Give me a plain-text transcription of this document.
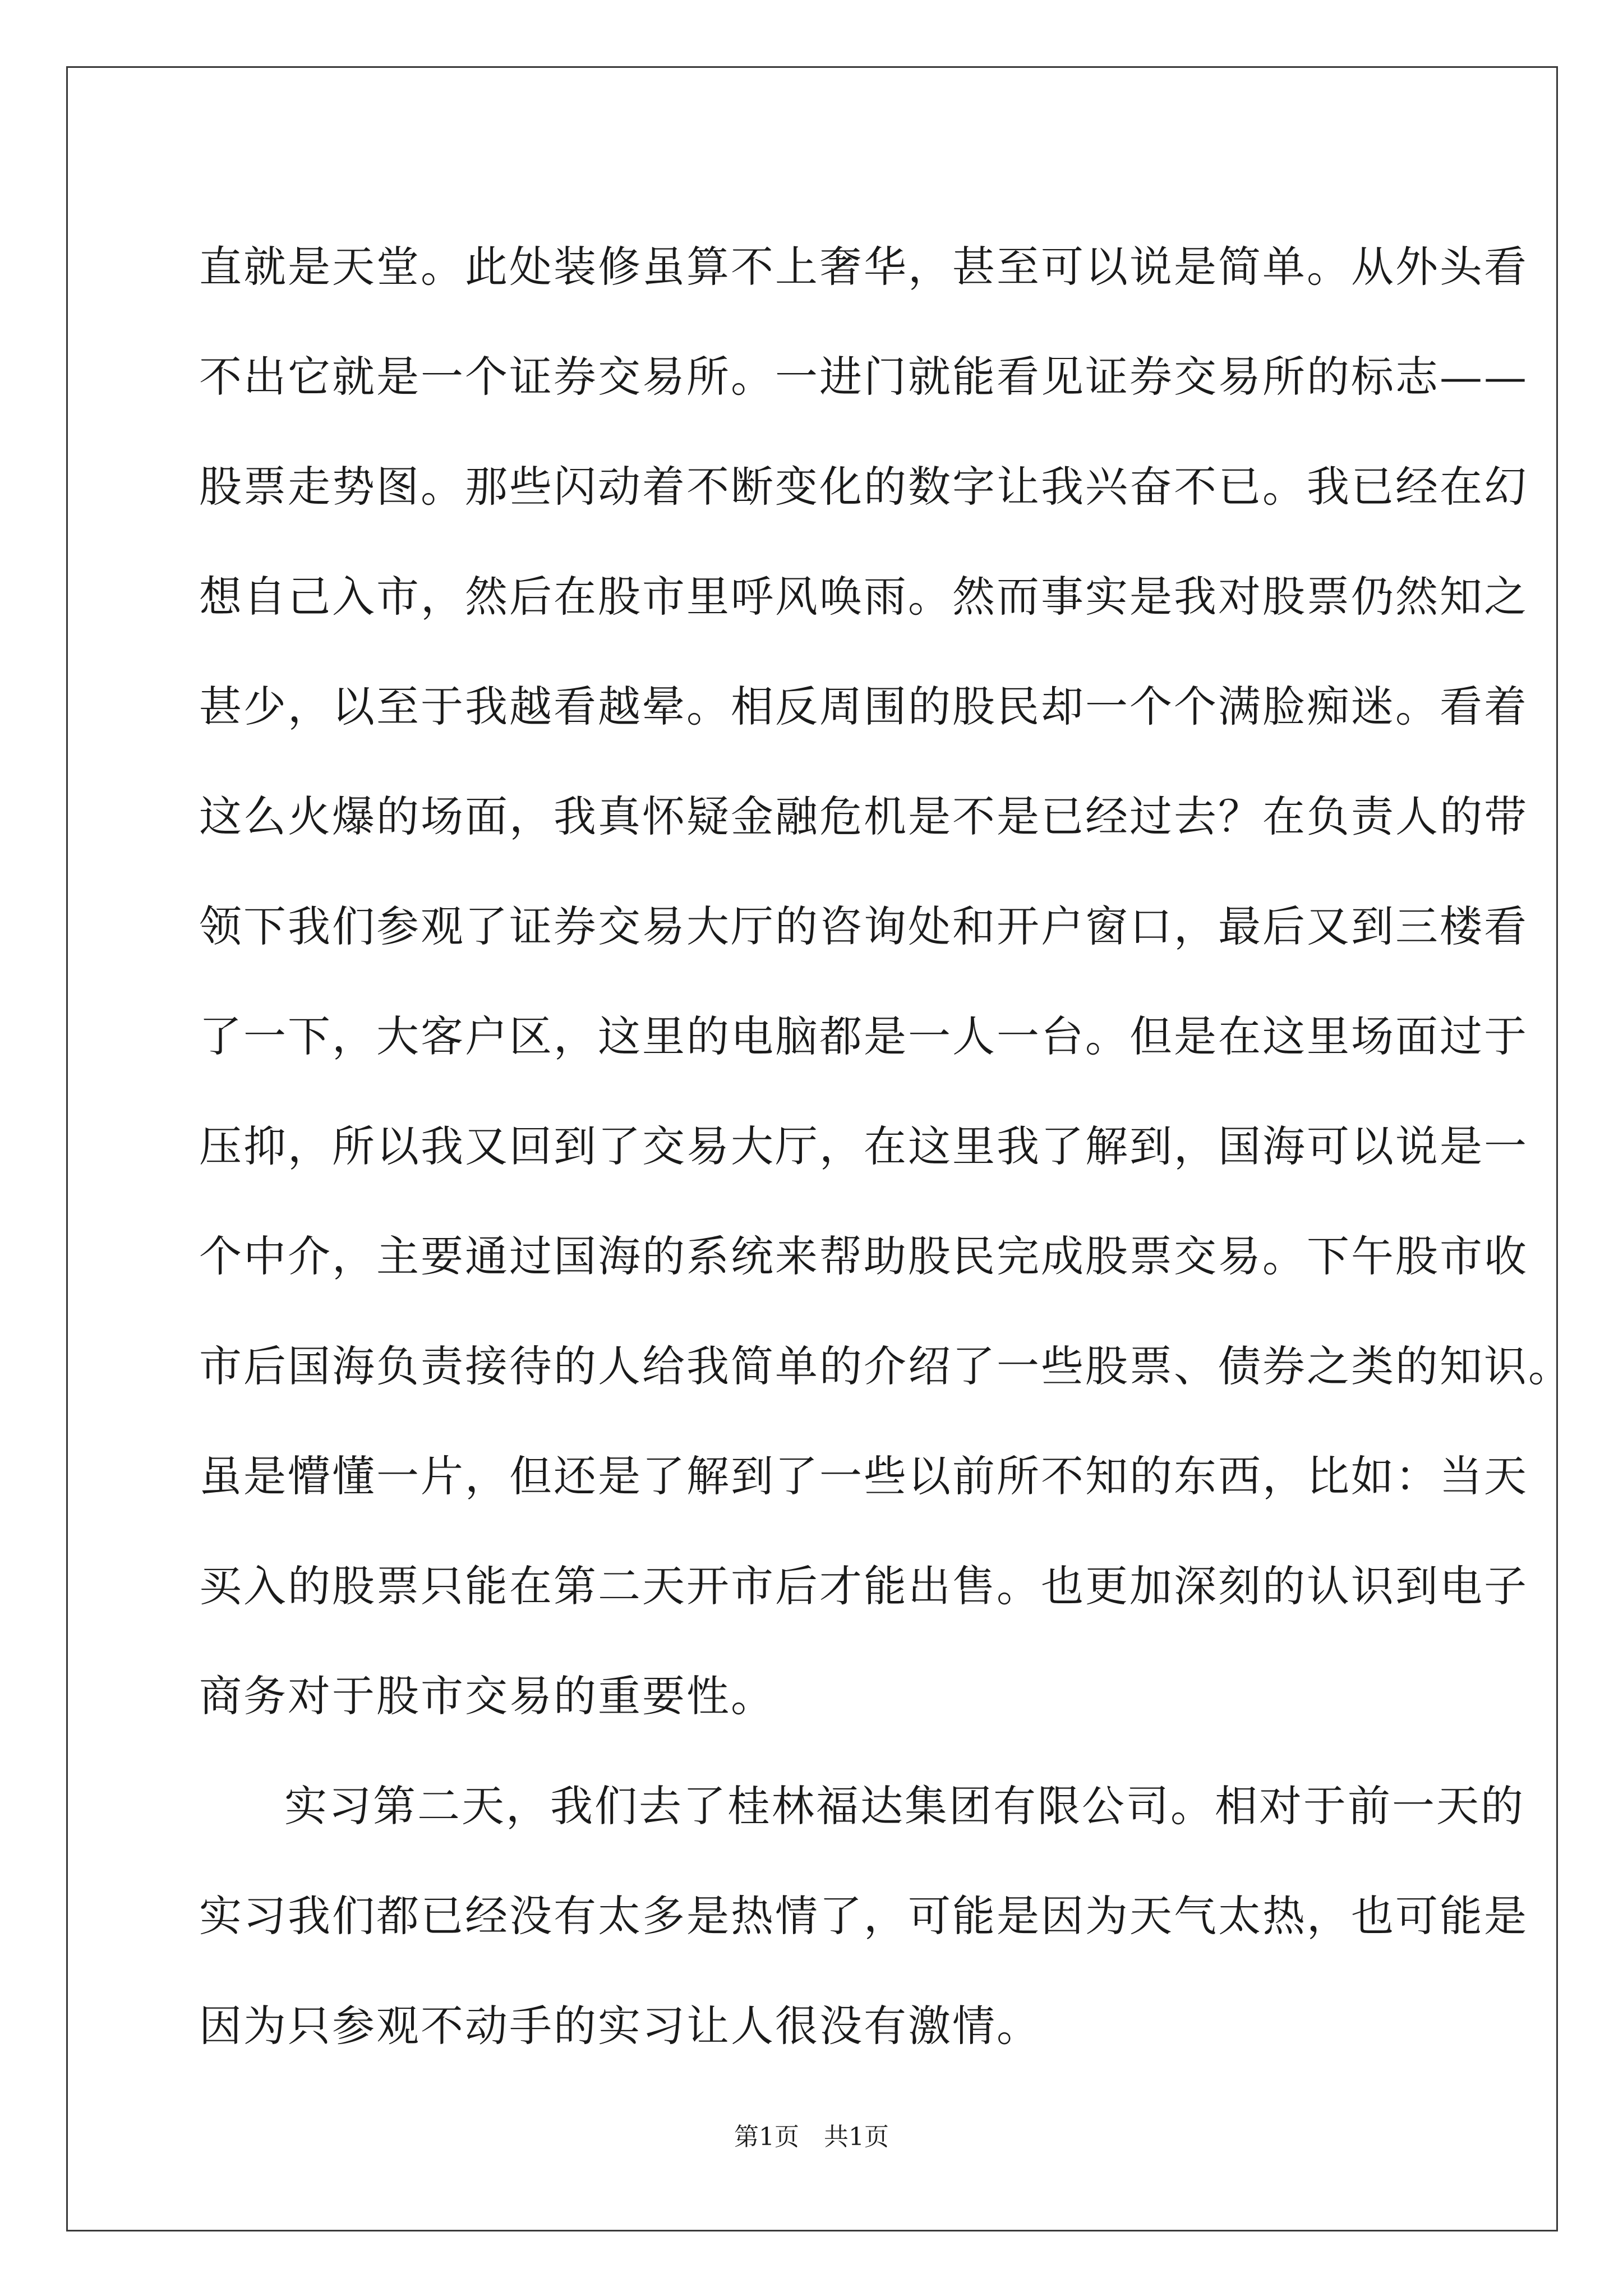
直就是天堂。此处装修虽算不上奢华，甚至可以说是简单。从外头看
不出它就是一个证券交易所。一进门就能看见证券交易所的标志——
股票走势图。那些闪动着不断变化的数字让我兴奋不已。我已经在幻
想自己入市，然后在股市里呼风唤雨。然而事实是我对股票仍然知之
甚少，以至于我越看越晕。相反周围的股民却一个个满脸痴迷。看着
这么火爆的场面，我真怀疑金融危机是不是已经过去？在负责人的带
领下我们参观了证券交易大厅的咨询处和开户窗口，最后又到三楼看
了一下，大客户区，这里的电脑都是一人一台。但是在这里场面过于
压抑，所以我又回到了交易大厅，在这里我了解到，国海可以说是一
个中介，主要通过国海的系统来帮助股民完成股票交易。下午股市收
市后国海负责接待的人给我简单的介绍了一些股票、债券之类的知识。
虽是懵懂一片，但还是了解到了一些以前所不知的东西，比如：当天
买入的股票只能在第二天开市后才能出售。也更加深刻的认识到电子
商务对于股市交易的重要性。
实习第二天，我们去了桂林福达集团有限公司。相对于前一天的
实习我们都已经没有太多是热情了，可能是因为天气太热，也可能是
因为只参观不动手的实习让人很没有激情。
第1页　共1页
